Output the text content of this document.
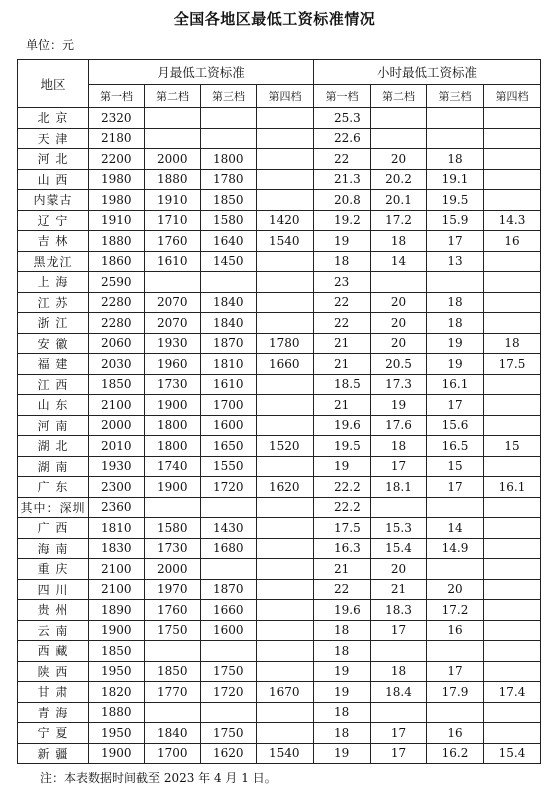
全国各地区最低工资标准情况
单位：元
地区	月最低工资标准				小时最低工资标准			
	第一档	第二档	第三档	第四档	第一档	第二档	第三档	第四档
北 京	2320				25.3			
天 津	2180				22.6			
河 北	2200	2000	1800		22	20	18	
山 西	1980	1880	1780		21.3	20.2	19.1	
内蒙古	1980	1910	1850		20.8	20.1	19.5	
辽 宁	1910	1710	1580	1420	19.2	17.2	15.9	14.3
吉 林	1880	1760	1640	1540	19	18	17	16
黑龙江	1860	1610	1450		18	14	13	
上 海	2590				23			
江 苏	2280	2070	1840		22	20	18	
浙 江	2280	2070	1840		22	20	18	
安 徽	2060	1930	1870	1780	21	20	19	18
福 建	2030	1960	1810	1660	21	20.5	19	17.5
江 西	1850	1730	1610		18.5	17.3	16.1	
山 东	2100	1900	1700		21	19	17	
河 南	2000	1800	1600		19.6	17.6	15.6	
湖 北	2010	1800	1650	1520	19.5	18	16.5	15
湖 南	1930	1740	1550		19	17	15	
广 东	2300	1900	1720	1620	22.2	18.1	17	16.1
其中：深圳	2360				22.2			
广 西	1810	1580	1430		17.5	15.3	14	
海 南	1830	1730	1680		16.3	15.4	14.9	
重 庆	2100	2000			21	20		
四 川	2100	1970	1870		22	21	20	
贵 州	1890	1760	1660		19.6	18.3	17.2	
云 南	1900	1750	1600		18	17	16	
西 藏	1850				18			
陕 西	1950	1850	1750		19	18	17	
甘 肃	1820	1770	1720	1670	19	18.4	17.9	17.4
青 海	1880				18			
宁 夏	1950	1840	1750		18	17	16	
新 疆	1900	1700	1620	1540	19	17	16.2	15.4
注：本表数据时间截至 2023 年 4 月 1 日。
